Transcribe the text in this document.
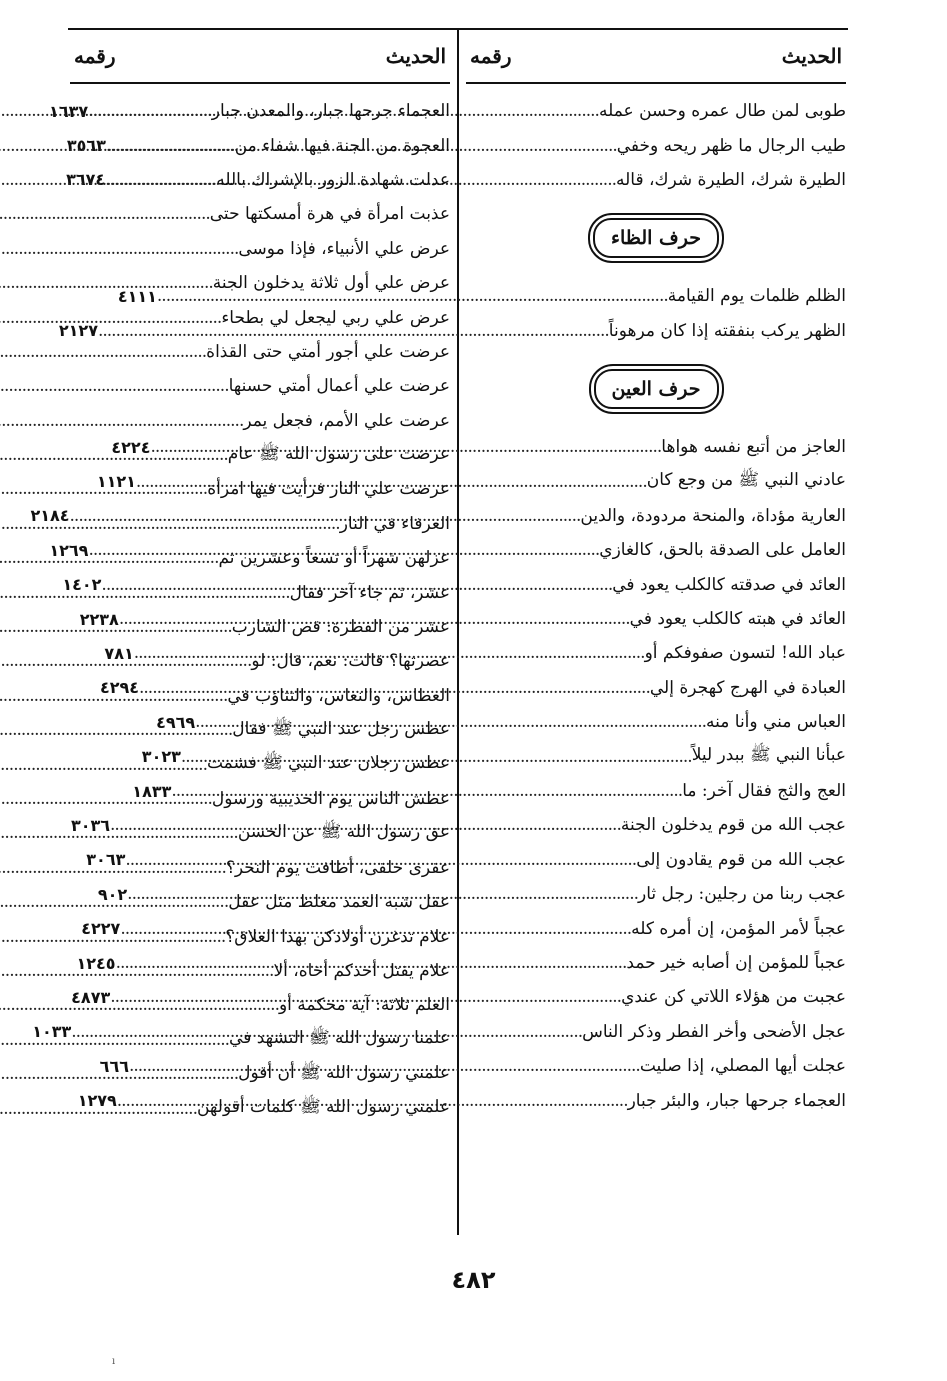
الحديث
رقمه
طوبى لمن طال عمره وحسن عمله
.....
١٦٣٧
طيب الرجال ما ظهر ريحه وخفي
.....
٣٥٦٣
الطيرة شرك، الطيرة شرك، قاله
.....
٣٦٧٤
حرف الظاء
الظلم ظلمات يوم القيامة
.....
٤١١١
الظهر يركب بنفقته إذا كان مرهوناً
.....
٢١٢٧
حرف العين
العاجز من أتبع نفسه هواها
.....
٤٢٢٤
عادني النبي ﷺ من وجع كان
.....
١١٢١
العارية مؤداة، والمنحة مردودة، والدين
.....
٢١٨٤
العامل على الصدقة بالحق، كالغازي
.....
١٢٦٩
العائد في صدقته كالكلب يعود في
.....
١٤٠٢
العائد في هبته كالكلب يعود في
.....
٢٢٣٨
عباد الله! لتسون صفوفكم أو
.....
٧٨١
العبادة في الهرج كهجرة إلي
.....
٤٢٩٤
العباس مني وأنا منه
.....
٤٩٦٩
عبأنا النبي ﷺ ببدر ليلاً
.....
٣٠٢٣
العج والثج فقال آخر: ما
.....
١٨٣٣
عجب الله من قوم يدخلون الجنة
.....
٣٠٣٦
عجب الله من قوم يقادون إلى
.....
٣٠٦٣
عجب ربنا من رجلين: رجل ثار
.....
٩٠٢
عجباً لأمر المؤمن، إن أمره كله
.....
٤٢٢٧
عجباً للمؤمن إن أصابه خير حمد
.....
١٢٤٥
عجبت من هؤلاء اللاتي كن عندي
.....
٤٨٧٣
عجل الأضحى وأخر الفطر وذكر الناس
.....
١٠٣٣
عجلت أيها المصلي، إذا صليت
.....
٦٦٦
العجماء جرحها جبار، والبئر جبار
.....
١٢٧٩
الحديث
رقمه
العجماء جرحها جبار، والمعدن جبار
.....
العجوة من الجنة فيها شفاء من
.....
عدلت شهادة الزور بالإشراك بالله
.....
عذبت امرأة في هرة أمسكتها حتى
.....
عرض علي الأنبياء، فإذا موسى
.....
عرض علي أول ثلاثة يدخلون الجنة
.....
عرض علي ربي ليجعل لي بطحاء
.....
عرضت علي أجور أمتي حتى القذاة
.....
عرضت علي أعمال أمتي حسنها
.....
عرضت علي الأمم، فجعل يمر
.....
عرضت على رسول الله ﷺ عام
.....
عرضت علي النار فرأيت فيها امرأة
.....
العرفاء في النار
.....
عزلهن شهراً أو تسعاً وعشرين ثم
.....
عشر، ثم جاء آخر فقال
.....
عشر من الفطرة: قص الشارب
.....
عصرتها؟ قالت: نعم، قال: لو
.....
العطاس، والنعاس، والتثاؤب في
.....
عطس رجل عند النبي ﷺ فقال
.....
عطس رجلان عند النبي ﷺ فشمت
.....
عطش الناس يوم الحديبية ورسول
.....
عق رسول الله ﷺ عن الحسن
.....
عقرى حلقى، أطافت يوم النحر؟
.....
عقل شبه العمد مغلظ مثل عقل
.....
علام تدغرن أولادكن بهذا العلاق؟
.....
علام يقتل أحدكم أخاه، ألا
.....
العلم ثلاثة: آية محكمة أو
.....
علمنا رسول الله ﷺ التشهد في
.....
علمني رسول الله ﷺ أن أقول
.....
علمني رسول الله ﷺ كلمات أقولهن
.....
٤٨٢
ı
